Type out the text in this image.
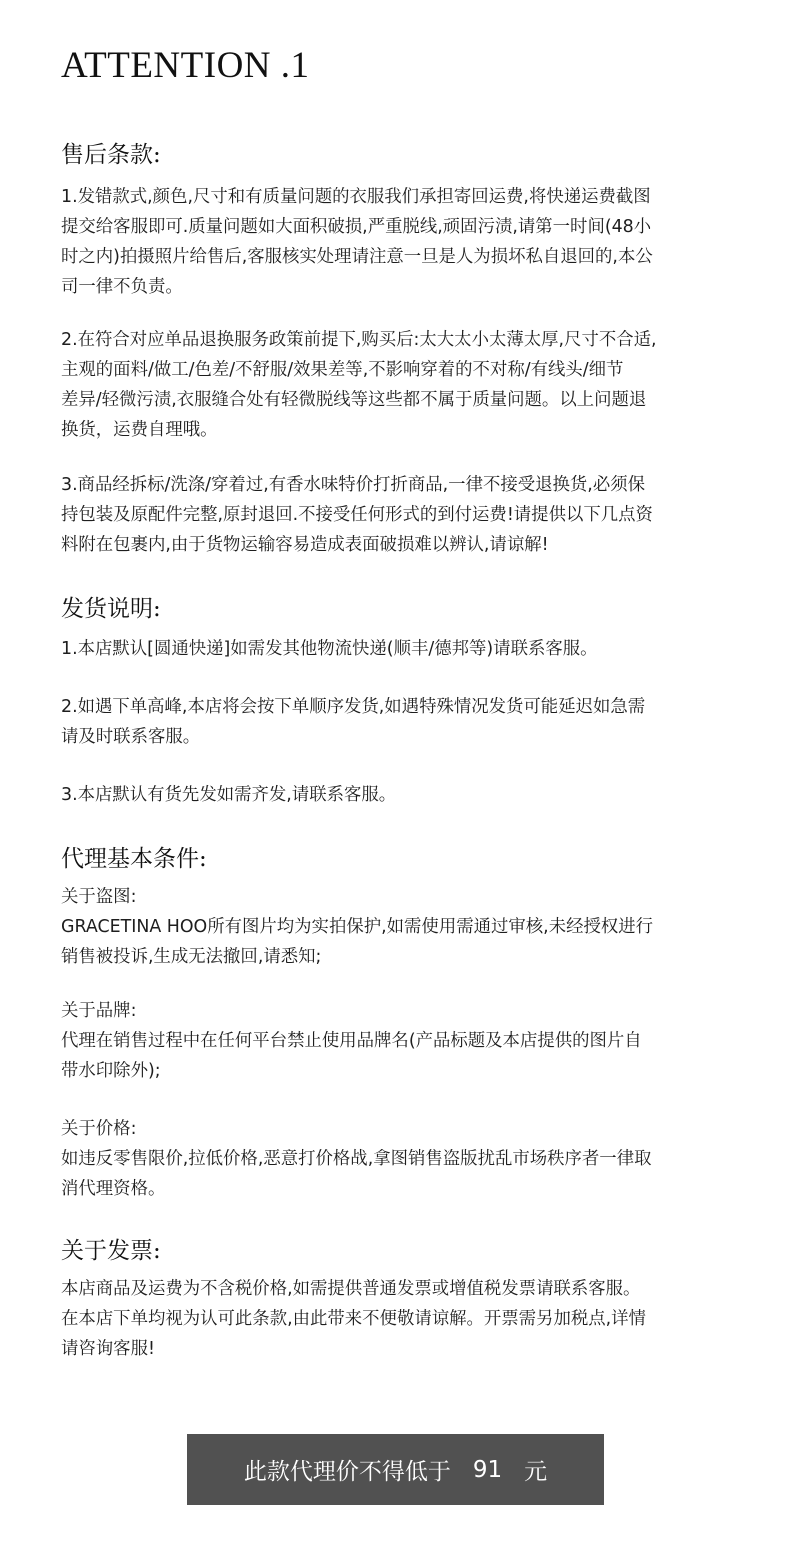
ATTENTION .1
售后条款:

1.发错款式,颜色,尺寸和有质量问题的衣服我们承担寄回运费,将快递运费截图
提交给客服即可.质量问题如大面积破损,严重脱线,顽固污渍,请第一时间(48小
时之内)拍摄照片给售后,客服核实处理请注意一旦是人为损坏私自退回的,本公
司一律不负责。

2.在符合对应单品退换服务政策前提下,购买后:太大太小太薄太厚,尺寸不合适,
主观的面料/做工/色差/不舒服/效果差等,不影响穿着的不对称/有线头/细节
差异/轻微污渍,衣服缝合处有轻微脱线等这些都不属于质量问题。以上问题退
换货，运费自理哦。

3.商品经拆标/洗涤/穿着过,有香水味特价打折商品,一律不接受退换货,必须保
持包装及原配件完整,原封退回.不接受任何形式的到付运费!请提供以下几点资
料附在包裹内,由于货物运输容易造成表面破损难以辨认,请谅解!

发货说明:

1.本店默认[圆通快递]如需发其他物流快递(顺丰/德邦等)请联系客服。

2.如遇下单高峰,本店将会按下单顺序发货,如遇特殊情况发货可能延迟如急需
请及时联系客服。

3.本店默认有货先发如需齐发,请联系客服。

代理基本条件:

关于盗图:
GRACETINA HOO所有图片均为实拍保护,如需使用需通过审核,未经授权进行
销售被投诉,生成无法撤回,请悉知;

关于品牌:
代理在销售过程中在任何平台禁止使用品牌名(产品标题及本店提供的图片自
带水印除外);

关于价格:
如违反零售限价,拉低价格,恶意打价格战,拿图销售盗版扰乱市场秩序者一律取
消代理资格。

关于发票:

本店商品及运费为不含税价格,如需提供普通发票或增值税发票请联系客服。
在本店下单均视为认可此条款,由此带来不便敬请谅解。开票需另加税点,详情
请咨询客服!

此款代理价不得低于 91 元
